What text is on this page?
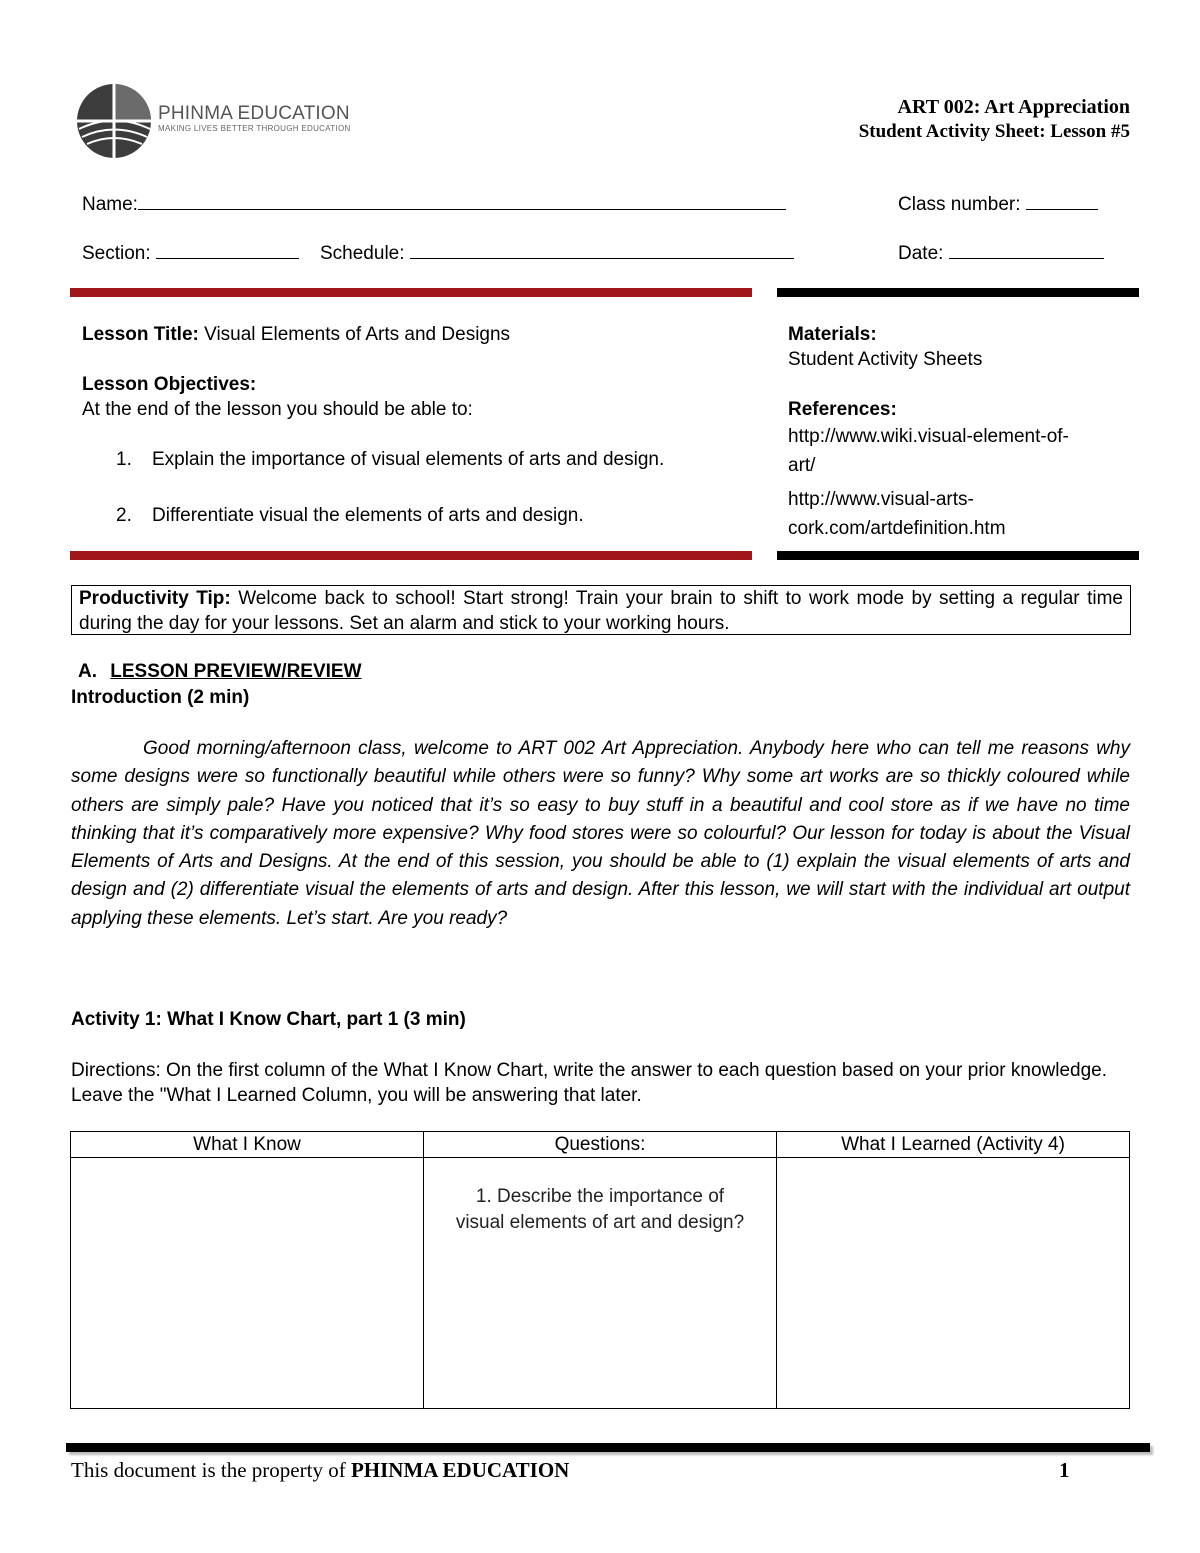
PHINMA EDUCATION
MAKING LIVES BETTER THROUGH EDUCATION
ART 002: Art Appreciation
Student Activity Sheet: Lesson #5
Name:	Class number:
Section:	Schedule:	Date:
Lesson Title: Visual Elements of Arts and Designs
Lesson Objectives:
At the end of the lesson you should be able to:
1. Explain the importance of visual elements of arts and design.
2. Differentiate visual the elements of arts and design.
Materials:
Student Activity Sheets
References:
http://www.wiki.visual-element-of-
art/
http://www.visual-arts-
cork.com/artdefinition.htm
Productivity Tip: Welcome back to school! Start strong! Train your brain to shift to work mode by setting a regular time during the day for your lessons. Set an alarm and stick to your working hours.
A. LESSON PREVIEW/REVIEW
Introduction (2 min)
Good morning/afternoon class, welcome to ART 002 Art Appreciation. Anybody here who can tell me reasons why some designs were so functionally beautiful while others were so funny? Why some art works are so thickly coloured while others are simply pale? Have you noticed that it’s so easy to buy stuff in a beautiful and cool store as if we have no time thinking that it’s comparatively more expensive? Why food stores were so colourful? Our lesson for today is about the Visual Elements of Arts and Designs. At the end of this session, you should be able to (1) explain the visual elements of arts and design and (2) differentiate visual the elements of arts and design. After this lesson, we will start with the individual art output applying these elements. Let’s start. Are you ready?
Activity 1: What I Know Chart, part 1 (3 min)
Directions: On the first column of the What I Know Chart, write the answer to each question based on your prior knowledge. Leave the "What I Learned Column, you will be answering that later.
What I Know	Questions:	What I Learned (Activity 4)

	1. Describe the importance of
visual elements of art and design?	

This document is the property of PHINMA EDUCATION	1
